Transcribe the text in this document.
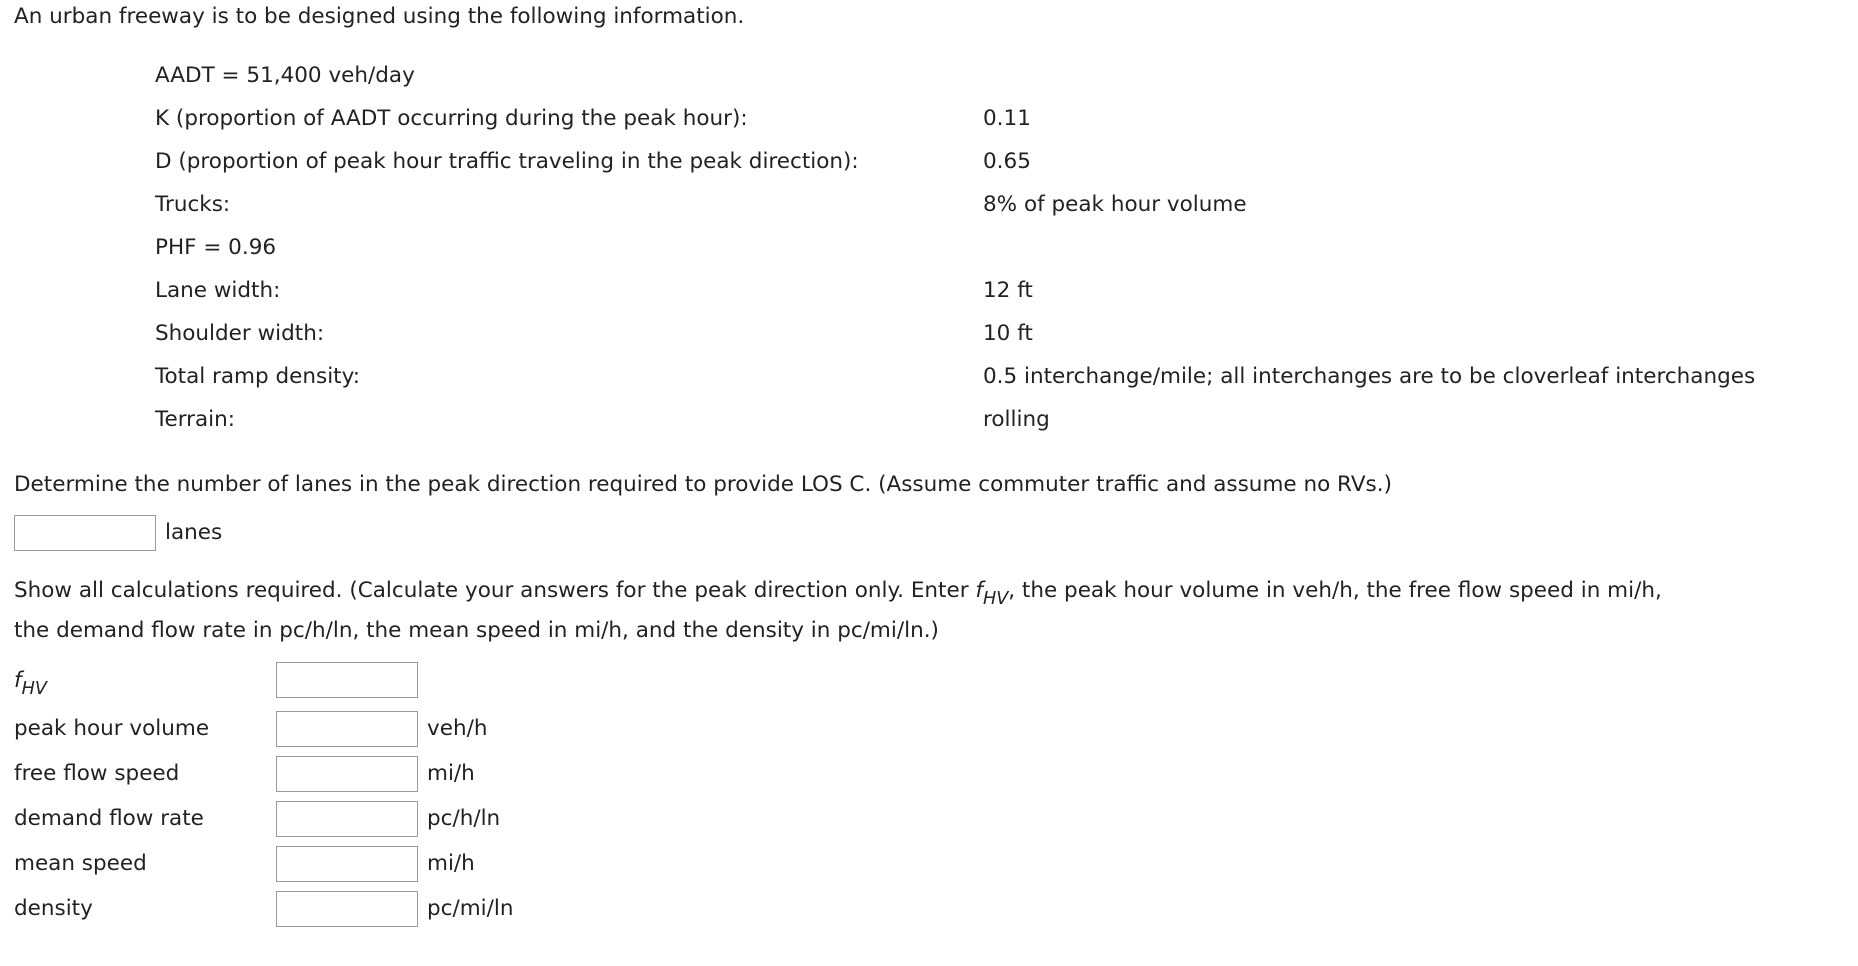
An urban freeway is to be designed using the following information.
AADT = 51,400 veh/day
K (proportion of AADT occurring during the peak hour):	0.11
D (proportion of peak hour traffic traveling in the peak direction):	0.65
Trucks:	8% of peak hour volume
PHF = 0.96
Lane width:	12 ft
Shoulder width:	10 ft
Total ramp density:	0.5 interchange/mile; all interchanges are to be cloverleaf interchanges
Terrain:	rolling
Determine the number of lanes in the peak direction required to provide LOS C. (Assume commuter traffic and assume no RVs.)
lanes
Show all calculations required. (Calculate your answers for the peak direction only. Enter $f_{HV}$, the peak hour volume in veh/h, the free flow speed in mi/h,
the demand flow rate in pc/h/ln, the mean speed in mi/h, and the density in pc/mi/ln.)
$f_{HV}$
peak hour volume	veh/h
free flow speed	mi/h
demand flow rate	pc/h/ln
mean speed	mi/h
density	pc/mi/ln
